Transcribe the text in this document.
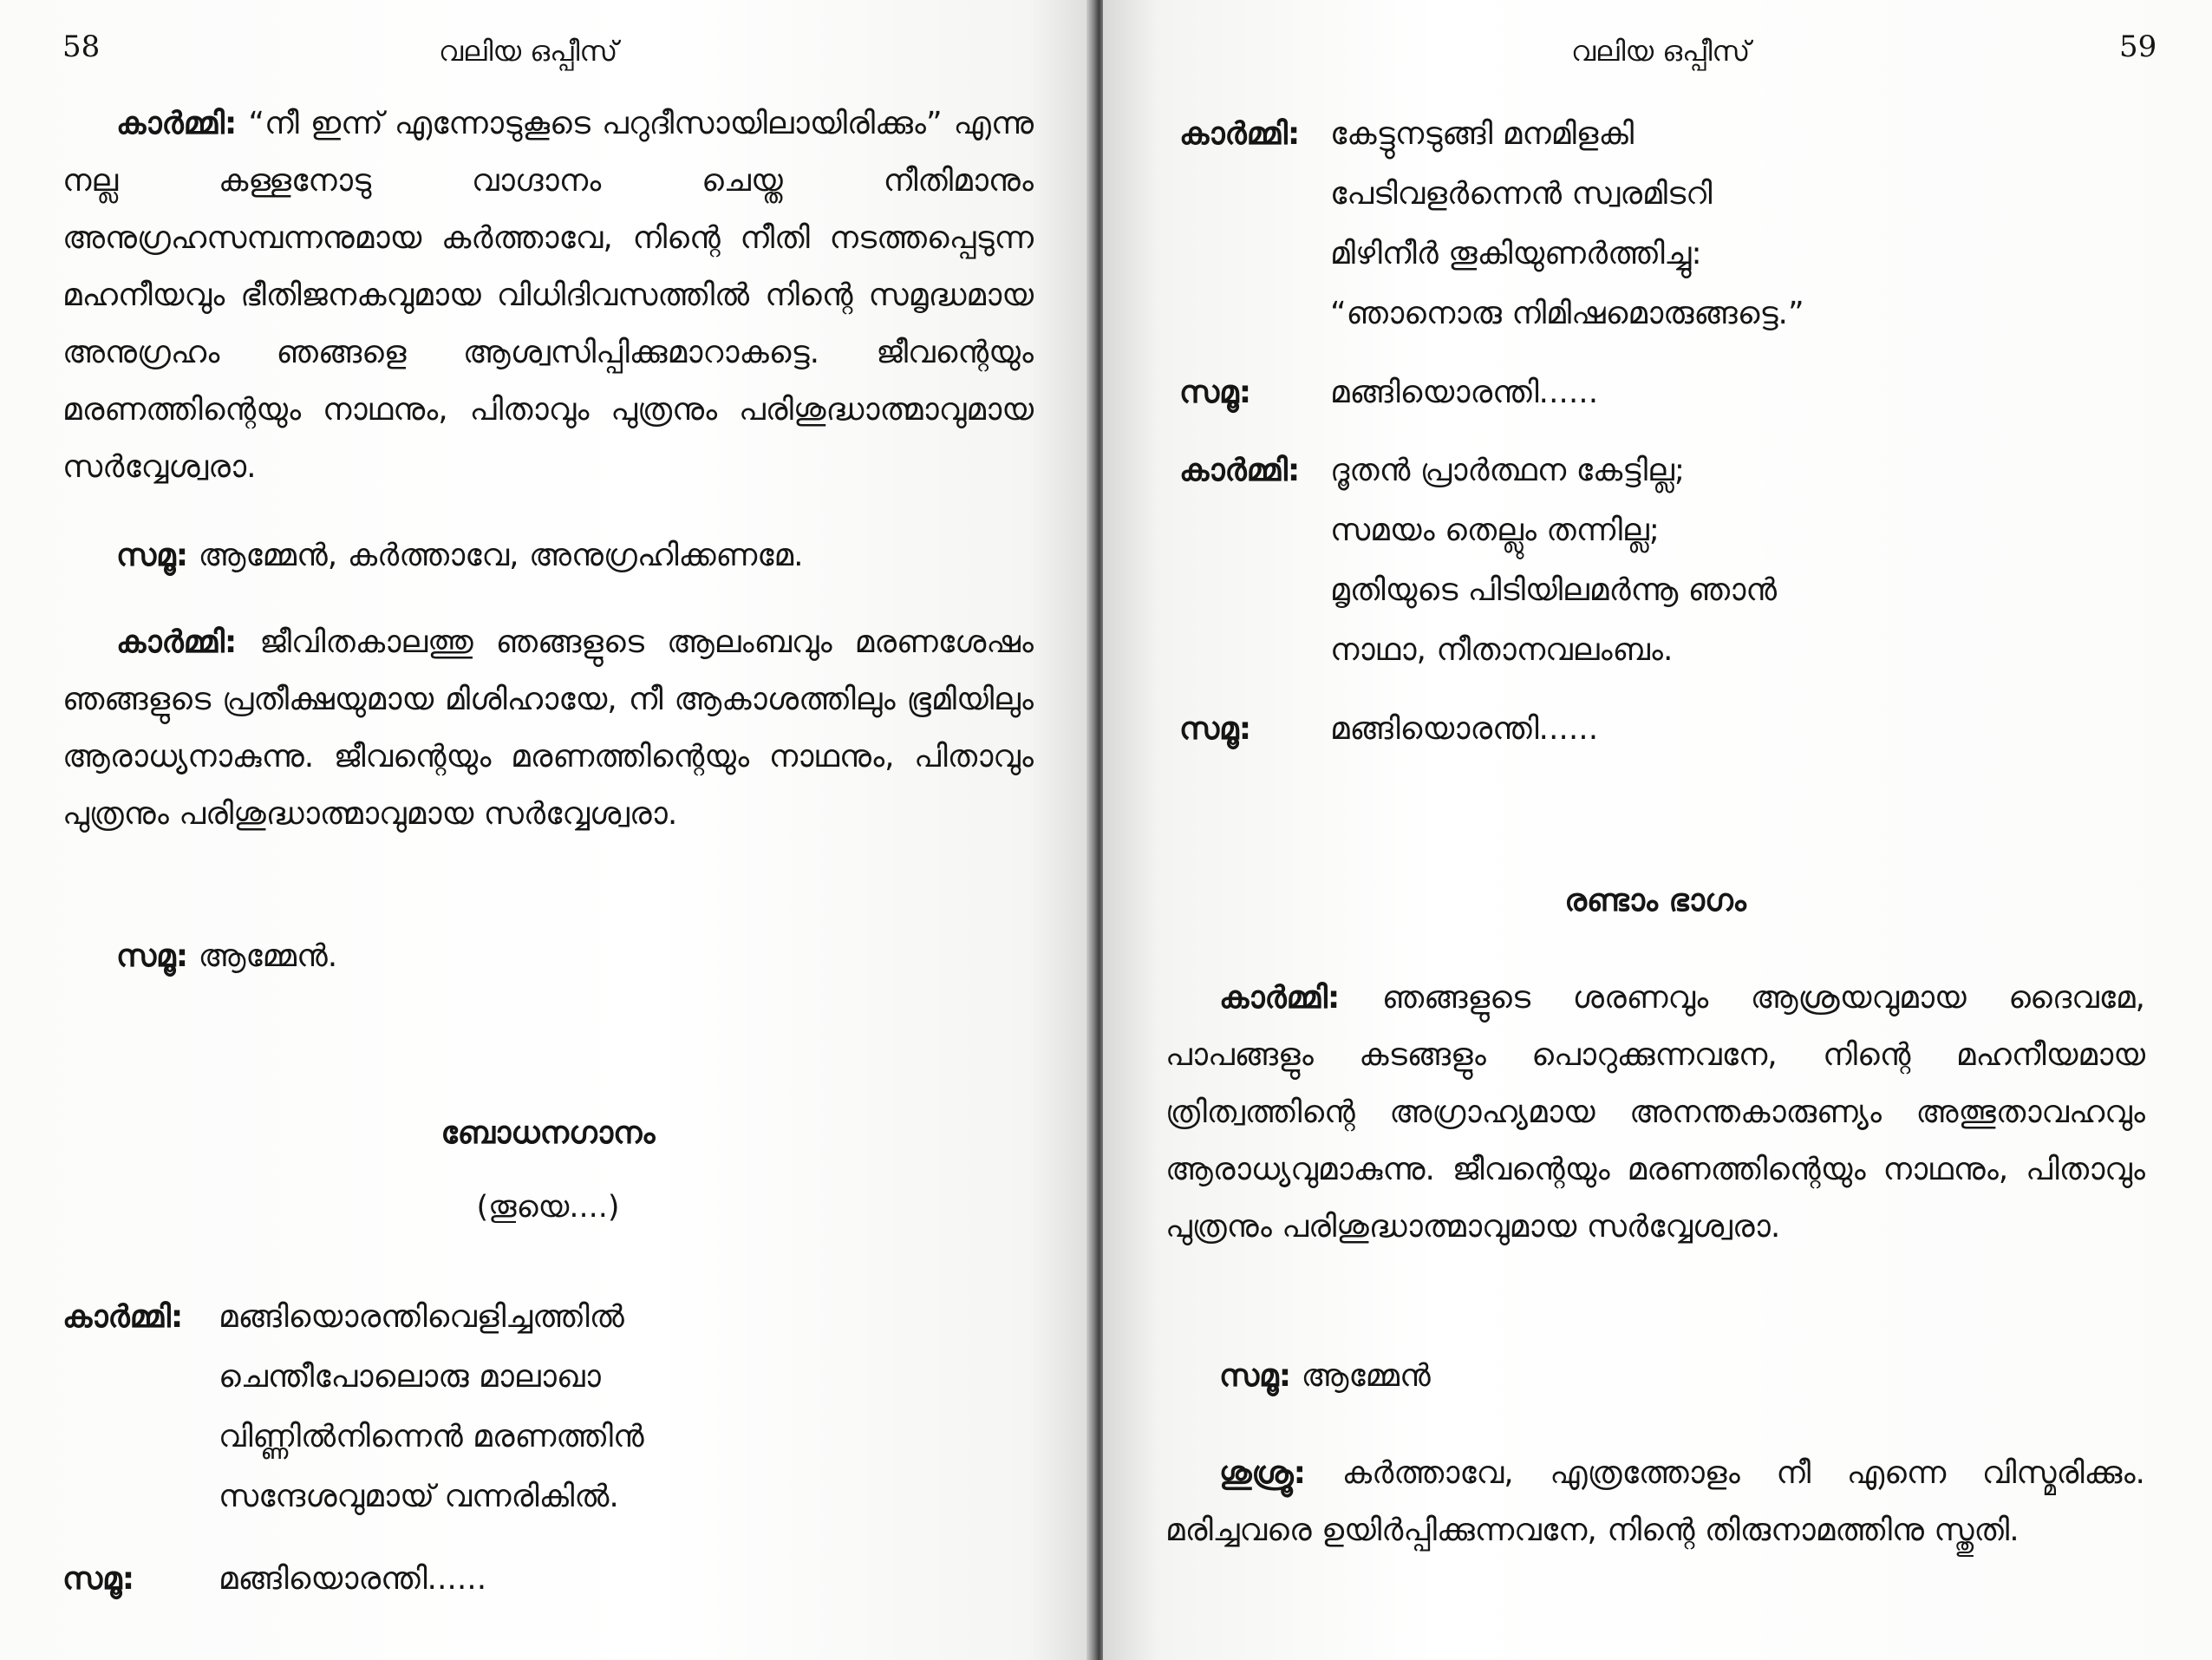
58	വലിയ ഒപ്പീസ്
കാർമ്മി: “നീ ഇന്ന് എന്നോടുകൂടെ പറുദീസായിലായിരിക്കും” എന്നു നല്ല കള്ളനോടു വാഗ്ദാനം ചെയ്ത നീതിമാനും അനുഗ്രഹസമ്പന്നനുമായ കർത്താവേ, നിന്റെ നീതി നടത്തപ്പെടുന്ന മഹനീയവും ഭീതിജനകവുമായ വിധിദിവസത്തിൽ നിന്റെ സമൃദ്ധമായ അനുഗ്രഹം ഞങ്ങളെ ആശ്വസിപ്പിക്കുമാറാകട്ടെ. ജീവന്റെയും മരണത്തിന്റെയും നാഥനും, പിതാവും പുത്രനും പരിശുദ്ധാത്മാവുമായ സർവ്വേശ്വരാ.
സമൂ: ആമ്മേൻ, കർത്താവേ, അനുഗ്രഹിക്കണമേ.
കാർമ്മി: ജീവിതകാലത്തു ഞങ്ങളുടെ ആലംബവും മരണശേഷം ഞങ്ങളുടെ പ്രതീക്ഷയുമായ മിശിഹായേ, നീ ആകാശത്തിലും ഭൂമിയിലും ആരാധ്യനാകുന്നു. ജീവന്റെയും മരണത്തിന്റെയും നാഥനും, പിതാവും പുത്രനും പരിശുദ്ധാത്മാവുമായ സർവ്വേശ്വരാ.
സമൂ: ആമ്മേൻ.
ബോധനഗാനം
(തൂയെ....)
കാർമ്മി: മങ്ങിയൊരന്തിവെളിച്ചത്തിൽ
ചെന്തീപോലൊരു മാലാഖാ
വിണ്ണിൽനിന്നെൻ മരണത്തിൻ
സന്ദേശവുമായ് വന്നരികിൽ.
സമൂ:	മങ്ങിയൊരന്തി......
വലിയ ഒപ്പീസ്	59
കാർമ്മി: കേട്ടുനടുങ്ങി മനമിളകി
പേടിവളർന്നെൻ സ്വരമിടറി
മിഴിനീർ തൂകിയുണർത്തിച്ചു:
“ഞാനൊരു നിമിഷമൊരുങ്ങട്ടെ.”
സമൂ:	മങ്ങിയൊരന്തി......
കാർമ്മി: ദൂതൻ പ്രാർത്ഥന കേട്ടില്ല;
സമയം തെല്ലും തന്നില്ല;
മൃതിയുടെ പിടിയിലമർന്നൂ ഞാൻ
നാഥാ, നീതാനവലംബം.
സമൂ:	മങ്ങിയൊരന്തി......
രണ്ടാം ഭാഗം
കാർമ്മി: ഞങ്ങളുടെ ശരണവും ആശ്രയവുമായ ദൈവമേ, പാപങ്ങളും കടങ്ങളും പൊറുക്കുന്നവനേ, നിന്റെ മഹനീയമായ ത്രിത്വത്തിന്റെ അഗ്രാഹ്യമായ അനന്തകാരുണ്യം അത്ഭുതാവഹവും ആരാധ്യവുമാകുന്നു. ജീവന്റെയും മരണത്തിന്റെയും നാഥനും, പിതാവും പുത്രനും പരിശുദ്ധാത്മാവുമായ സർവ്വേശ്വരാ.
സമൂ: ആമ്മേൻ
ശുശ്രൂ: കർത്താവേ, എത്രത്തോളം നീ എന്നെ വിസ്മരിക്കും. മരിച്ചവരെ ഉയിർപ്പിക്കുന്നവനേ, നിന്റെ തിരുനാമത്തിനു സ്തുതി.
